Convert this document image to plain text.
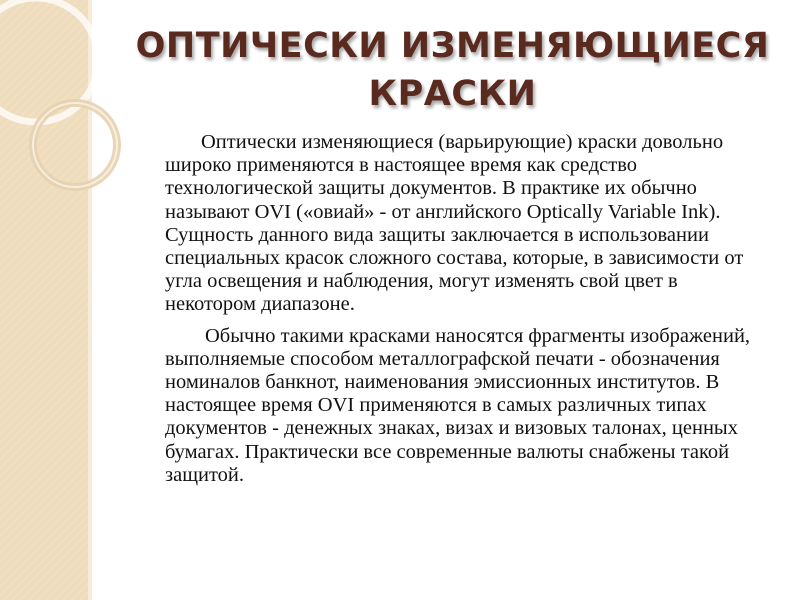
ОПТИЧЕСКИ ИЗМЕНЯЮЩИЕСЯ
КРАСКИ

Оптически изменяющиеся (варьирующие) краски довольно широко применяются в настоящее время как средство технологической защиты документов. В практике их обычно называют OVI («овиай» - от английского Optically Variable Ink). Сущность данного вида защиты заключается в использовании специальных красок сложного состава, которые, в зависимости от угла освещения и наблюдения, могут изменять свой цвет в некотором диапазоне.

Обычно такими красками наносятся фрагменты изображений, выполняемые способом металлографской печати - обозначения номиналов банкнот, наименования эмиссионных институтов. В настоящее время OVI применяются в самых различных типах документов - денежных знаках, визах и визовых талонах, ценных бумагах. Практически все современные валюты снабжены такой защитой.
